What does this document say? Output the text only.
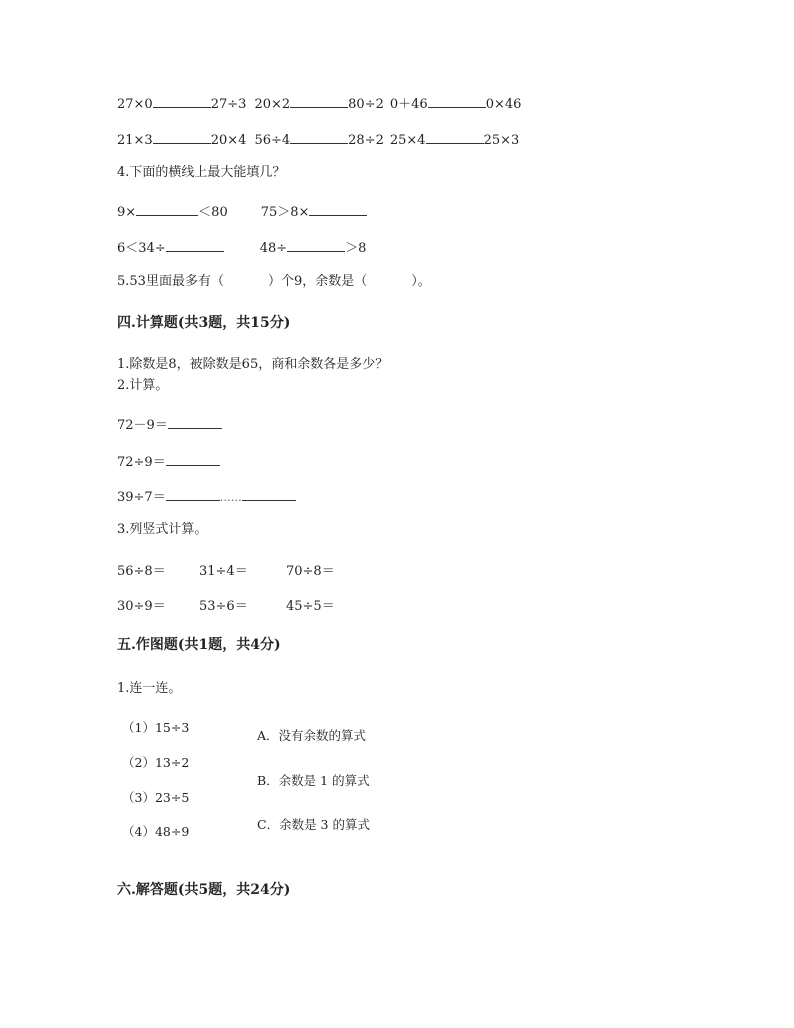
27×0	27÷3 20×2	80÷2 0＋46	0×46
21×3	20×4 56÷4	28÷2 25×4	25×3
4.下面的横线上最大能填几？
9×	＜80	75＞8×
6＜34÷	48÷	＞8
5.53里面最多有（	）个9，余数是（	）。
四.计算题(共3题，共15分)
1.除数是8，被除数是65，商和余数各是多少？
2.计算。
72－9＝
72÷9＝
39÷7＝	……
3.列竖式计算。
56÷8＝	31÷4＝	70÷8＝
30÷9＝	53÷6＝	45÷5＝
五.作图题(共1题，共4分)
1.连一连。
（1）15÷3
（2）13÷2
（3）23÷5
（4）48÷9
A．没有余数的算式
B．余数是 1 的算式
C．余数是 3 的算式
六.解答题(共5题，共24分)
